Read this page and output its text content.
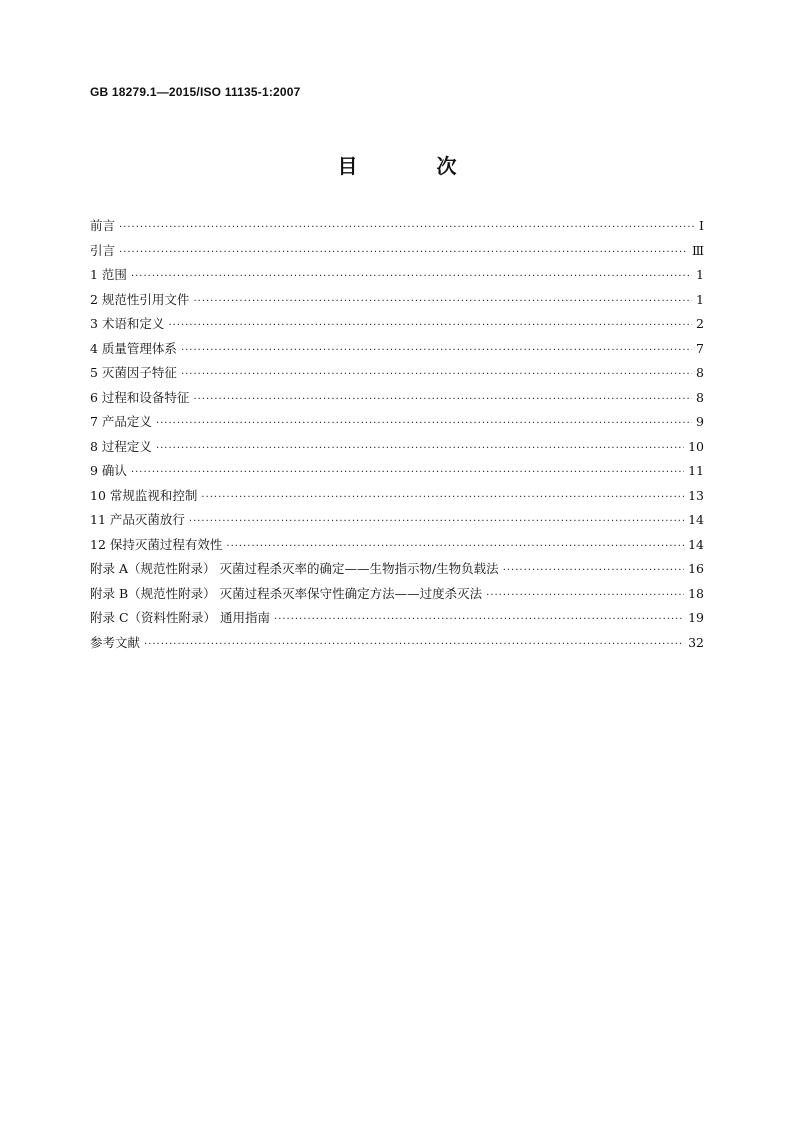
GB 18279.1—2015/ISO 11135-1:2007
目 次
前言 ·····	Ⅰ
引言 ·····	Ⅲ
1 范围 ·····	1
2 规范性引用文件 ·····	1
3 术语和定义 ·····	2
4 质量管理体系 ·····	7
5 灭菌因子特征 ·····	8
6 过程和设备特征 ·····	8
7 产品定义 ·····	9
8 过程定义 ·····	10
9 确认 ·····	11
10 常规监视和控制 ·····	13
11 产品灭菌放行 ·····	14
12 保持灭菌过程有效性 ·····	14
附录 A（规范性附录） 灭菌过程杀灭率的确定——生物指示物/生物负载法 ·····	16
附录 B（规范性附录） 灭菌过程杀灭率保守性确定方法——过度杀灭法 ·····	18
附录 C（资料性附录） 通用指南 ·····	19
参考文献 ·····	32
